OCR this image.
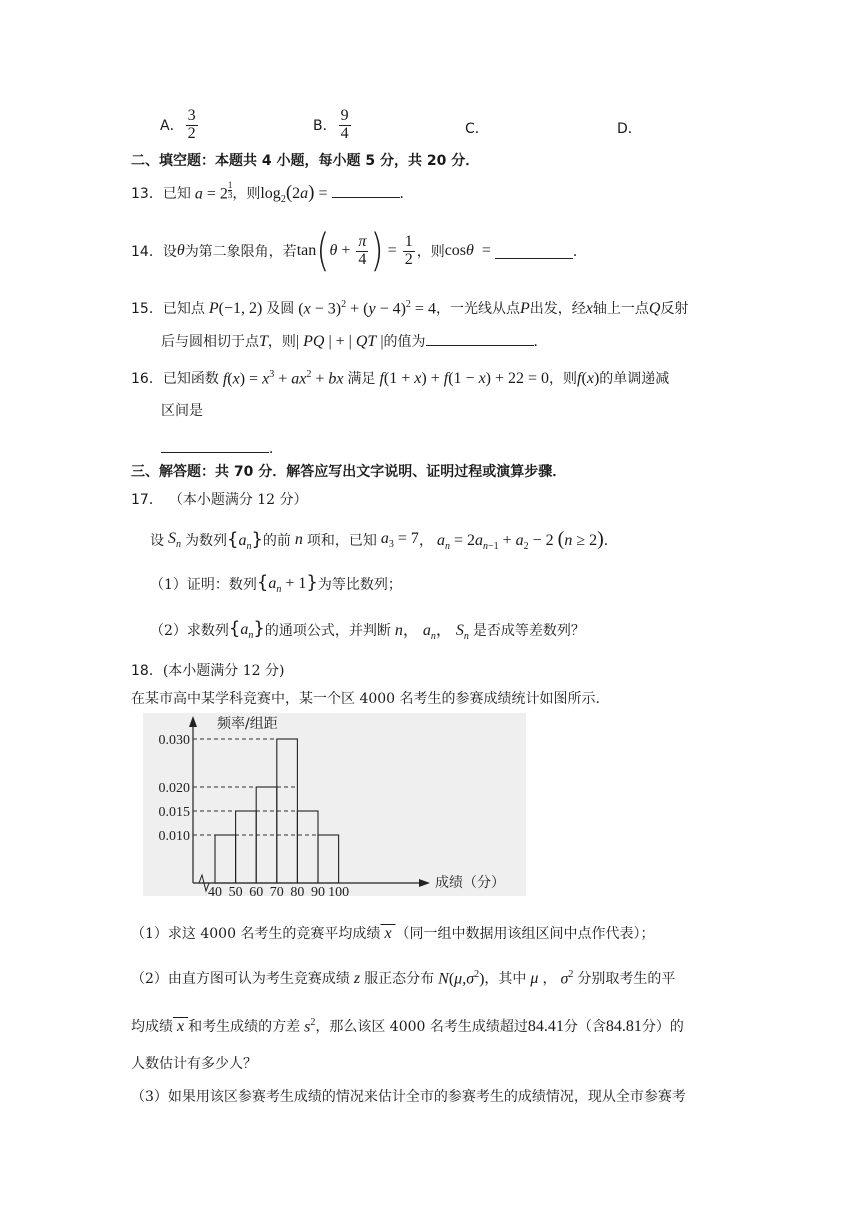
A． $\frac{3}{2}$	B． $\frac{9}{4}$	C．	D．
二、填空题：本题共 4 小题，每小题 5 分，共 20 分．
13． 已知 a = 2 $^{\frac{1}{3}}$ ，则 $\log_2(2a)$ =	．
14． 设 θ 为第二象限角，若 tan ( $\theta + \frac{\pi}{4}$ ) = $\frac{1}{2}$ ，则 cosθ  =	．
15． 已知点 P(−1, 2) 及圆 $(x - 3)^2 + (y - 4)^2 = 4$ ，一光线从点 P 出发，经 x 轴上一点 Q 反射
后与圆相切于点 T ，则 | PQ | + | QT | 的值为	．
16． 已知函数 $f(x) = x^3 + ax^2$ + bx 满足 f(1 + x) + f(1 − x) + 22 = 0 ，则 f(x) 的单调递减
区间是
．
三、解答题：共 70 分．解答应写出文字说明、证明过程或演算步骤．
17． （本小题满分 12 分）
设 $S_n$ 为数列 $\{a_n\}$ 的前 n 项和，已知 $a_3 = 7$ ， $a_n = 2a_{n-1} + a_2 - 2$ (n ≥ 2) ．
（1）证明：数列 $\{a_n + 1\}$ 为等比数列；
（2）求数列 $\{a_n\}$ 的通项公式，并判断 n， $a_n$， $S_n$ 是否成等差数列？
18． (本小题满分 12 分)
在某市高中某学科竞赛中，某一个区 4000 名考生的参赛成绩统计如图所示.
0.030
0.020
0.015
0.010
40 50 60 70 80 90 100
频率/组距
成绩（分）
（1）求这 4000 名考生的竞赛平均成绩 x （同一组中数据用该组区间中点作代表）；
（2）由直方图可认为考生竞赛成绩 z 服正态分布 $N(\mu,\sigma^2)$ ，其中 μ ， $\sigma^2$ 分别取考生的平
均成绩 x 和考生成绩的方差 $s^2$ ，那么该区 4000 名考生成绩超过 84.41 分（含 84.81 分）的
人数估计有多少人？
（3）如果用该区参赛考生成绩的情况来估计全市的参赛考生的成绩情况，现从全市参赛考
